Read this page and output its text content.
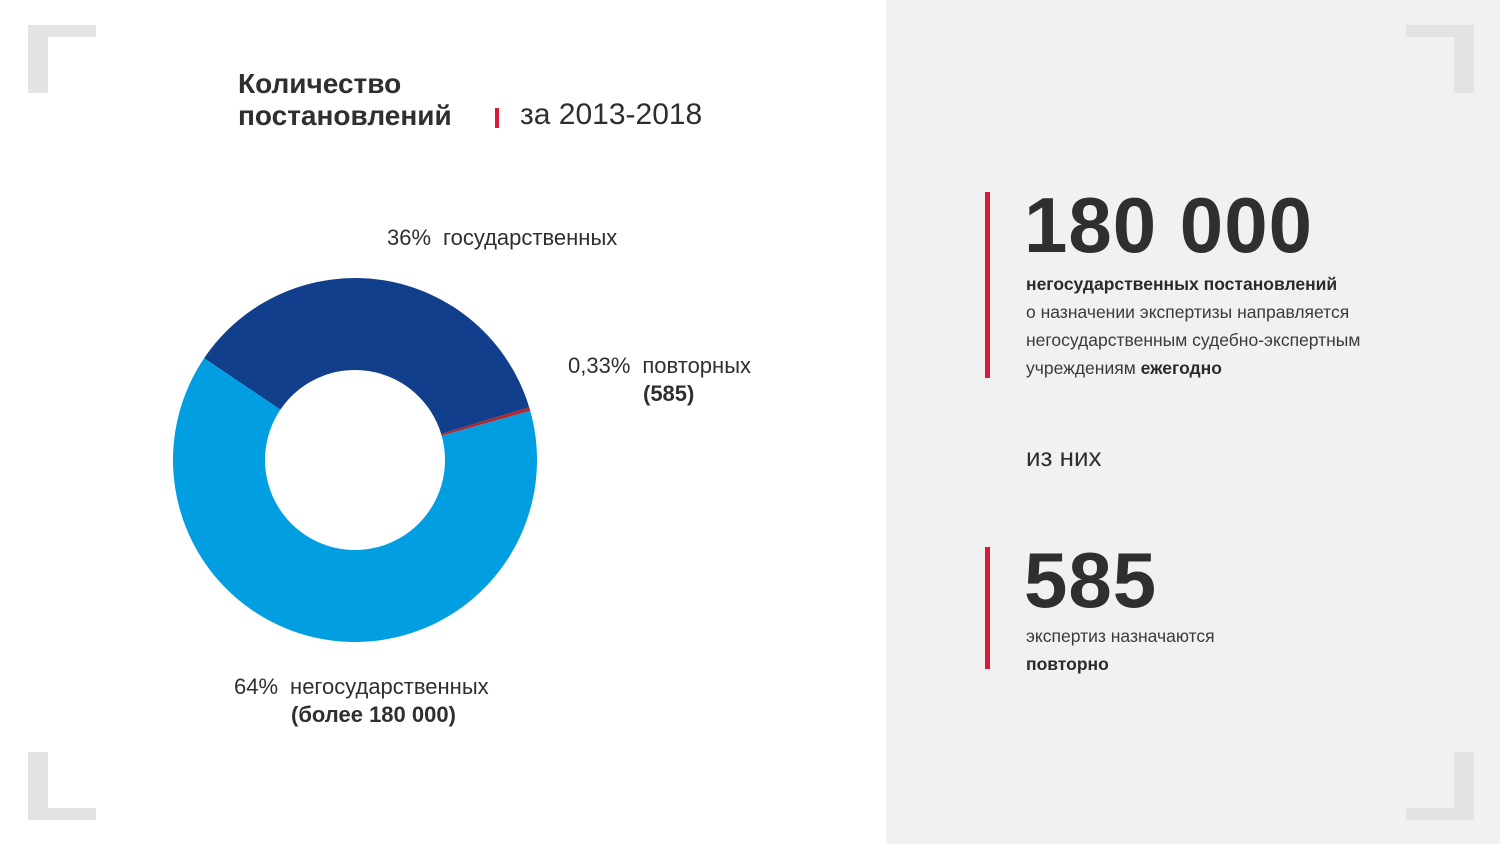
Количество
постановлений за 2013-2018
36% государственных
0,33% повторных
(585)
64% негосударственных
(более 180 000)
180 000
негосударственных постановлений
о назначении экспертизы направляется
негосударственным судебно-экспертным
учреждениям ежегодно
из них
585
экспертиз назначаются
повторно
